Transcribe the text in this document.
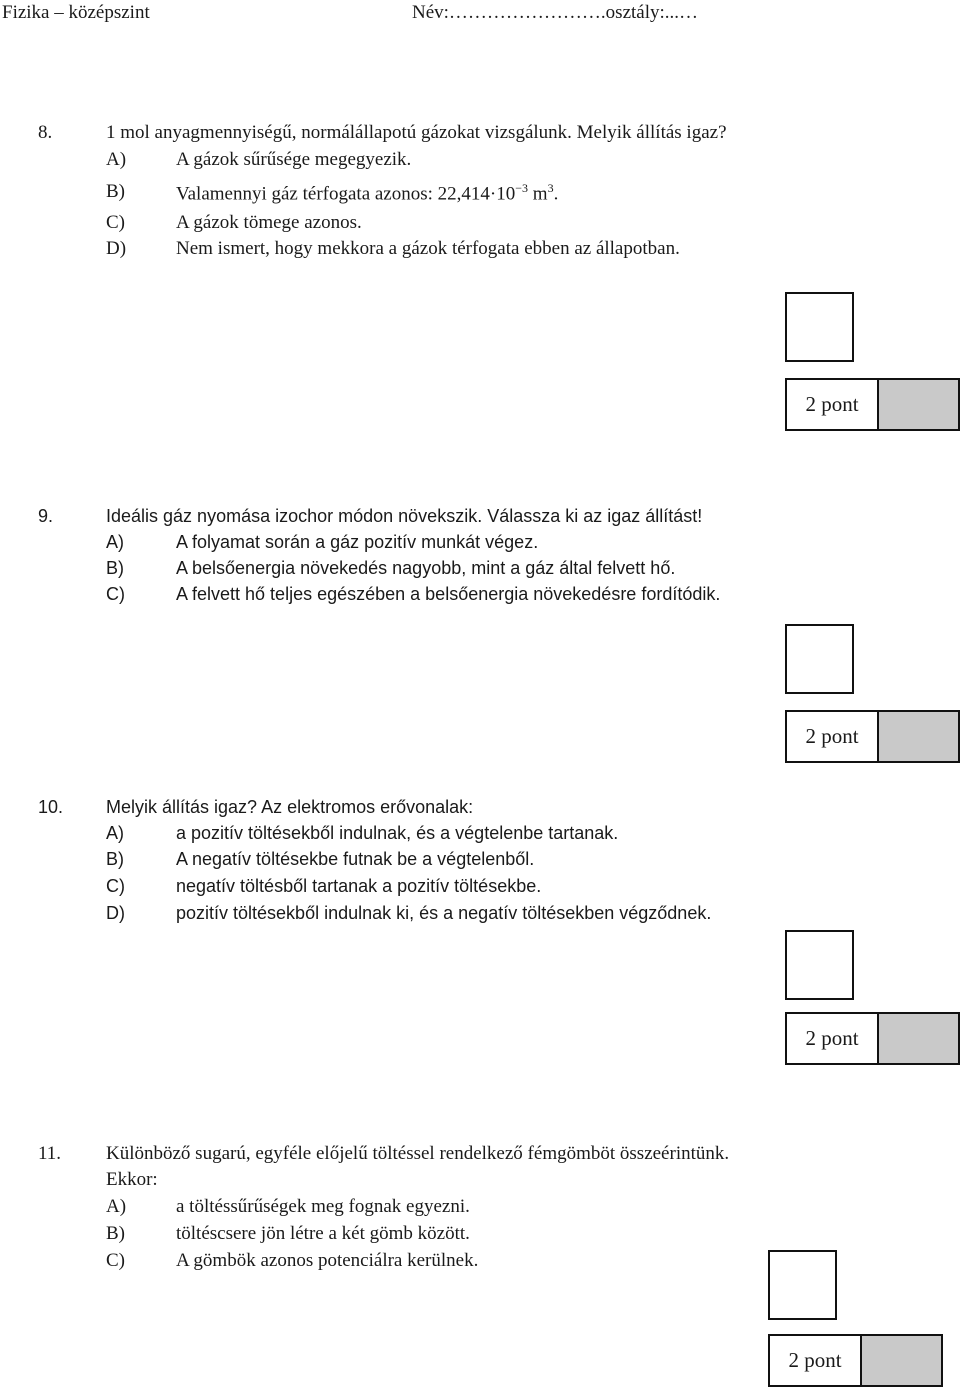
Fizika – középszint	Név:…………………….osztály:...…
8.	1 mol anyagmennyiségű, normálállapotú gázokat vizsgálunk. Melyik állítás igaz?
A)	A gázok sűrűsége megegyezik.
B)	Valamennyi gáz térfogata azonos: $22,414\cdot 10^{-3}$ $m^3$.
C)	A gázok tömege azonos.
D)	Nem ismert, hogy mekkora a gázok térfogata ebben az állapotban.
2 pont
9.	Ideális gáz nyomása izochor módon növekszik. Válassza ki az igaz állítást!
A)	A folyamat során a gáz pozitív munkát végez.
B)	A belsőenergia növekedés nagyobb, mint a gáz által felvett hő.
C)	A felvett hő teljes egészében a belsőenergia növekedésre fordítódik.
2 pont
10. Melyik állítás igaz? Az elektromos erővonalak:
A)	a pozitív töltésekből indulnak, és a végtelenbe tartanak.
B)	A negatív töltésekbe futnak be a végtelenből.
C)	negatív töltésből tartanak a pozitív töltésekbe.
D)	pozitív töltésekből indulnak ki, és a negatív töltésekben végződnek.
2 pont
11. Különböző sugarú, egyféle előjelű töltéssel rendelkező fémgömböt összeérintünk.
Ekkor:
A)	a töltéssűrűségek meg fognak egyezni.
B)	töltéscsere jön létre a két gömb között.
C)	A gömbök azonos potenciálra kerülnek.
2 pont
